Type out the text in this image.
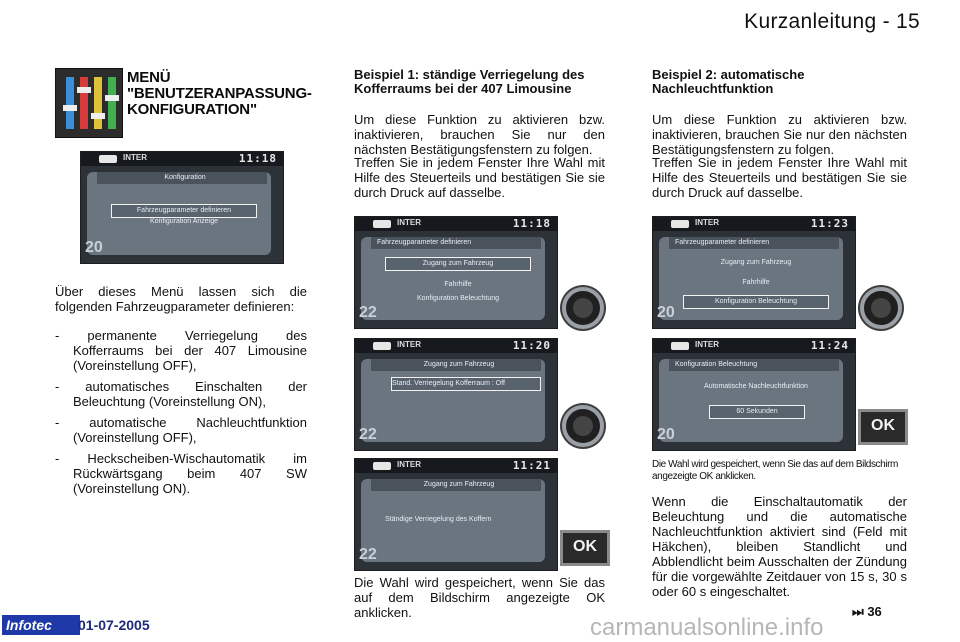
Kurzanleitung - 15
MENÜ
"BENUTZERANPASSUNG-
KONFIGURATION"
INTER	11:18
Konfiguration
Fahrzeugparameter definieren
Konfiguration Anzeige
20
Über dieses Menü lassen sich die folgenden Fahrzeugparameter definieren:

- permanente Verriegelung des Kofferraums bei der 407 Limousine (Voreinstellung OFF),

- automatisches Einschalten der Beleuchtung (Voreinstellung ON),

- automatische Nachleuchtfunktion (Voreinstellung OFF),

- Heckscheiben-Wischautomatik im Rückwärtsgang beim 407 SW (Voreinstellung ON).

Beispiel 1: ständige Verriegelung des Kofferraums bei der 407 Limousine
Um diese Funktion zu aktivieren bzw. inaktivieren, brauchen Sie nur den nächsten Bestätigungsfenstern zu folgen.
Treffen Sie in jedem Fenster Ihre Wahl mit Hilfe des Steuerteils und bestätigen Sie sie durch Druck auf dasselbe.
INTER	11:18
Fahrzeugparameter definieren
Zugang zum Fahrzeug
Fahrhilfe
Konfiguration Beleuchtung
22
INTER	11:20
Zugang zum Fahrzeug
Stand. Verriegelung Kofferraum : Off
22
INTER	11:21
Zugang zum Fahrzeug
Ständige Verriegelung des Koffern
22	OK
Die Wahl wird gespeichert, wenn Sie das auf dem Bildschirm angezeigte OK anklicken.
Beispiel 2: automatische Nachleuchtfunktion
Um diese Funktion zu aktivieren bzw. inaktivieren, brauchen Sie nur den nächsten Bestätigungsfenstern zu folgen.
Treffen Sie in jedem Fenster Ihre Wahl mit Hilfe des Steuerteils und bestätigen Sie sie durch Druck auf dasselbe.
INTER	11:23
Fahrzeugparameter definieren
Zugang zum Fahrzeug
Fahrhilfe
Konfiguration Beleuchtung
20
INTER	11:24
Konfiguration Beleuchtung
Automatische Nachleuchtfunktion
60 Sekunden
20
OK
Die Wahl wird gespeichert, wenn Sie das auf dem Bildschirm angezeigte OK anklicken.
Wenn die Einschaltautomatik der Beleuchtung und die automatische Nachleuchtfunktion aktiviert sind (Feld mit Häkchen), bleiben Standlicht und Abblendlicht beim Ausschalten der Zündung für die vorgewählte Zeitdauer von 15 s, 30 s oder 60 s eingeschaltet.
⏭ 36
Infotec	01-07-2005	carmanualsonline.info
